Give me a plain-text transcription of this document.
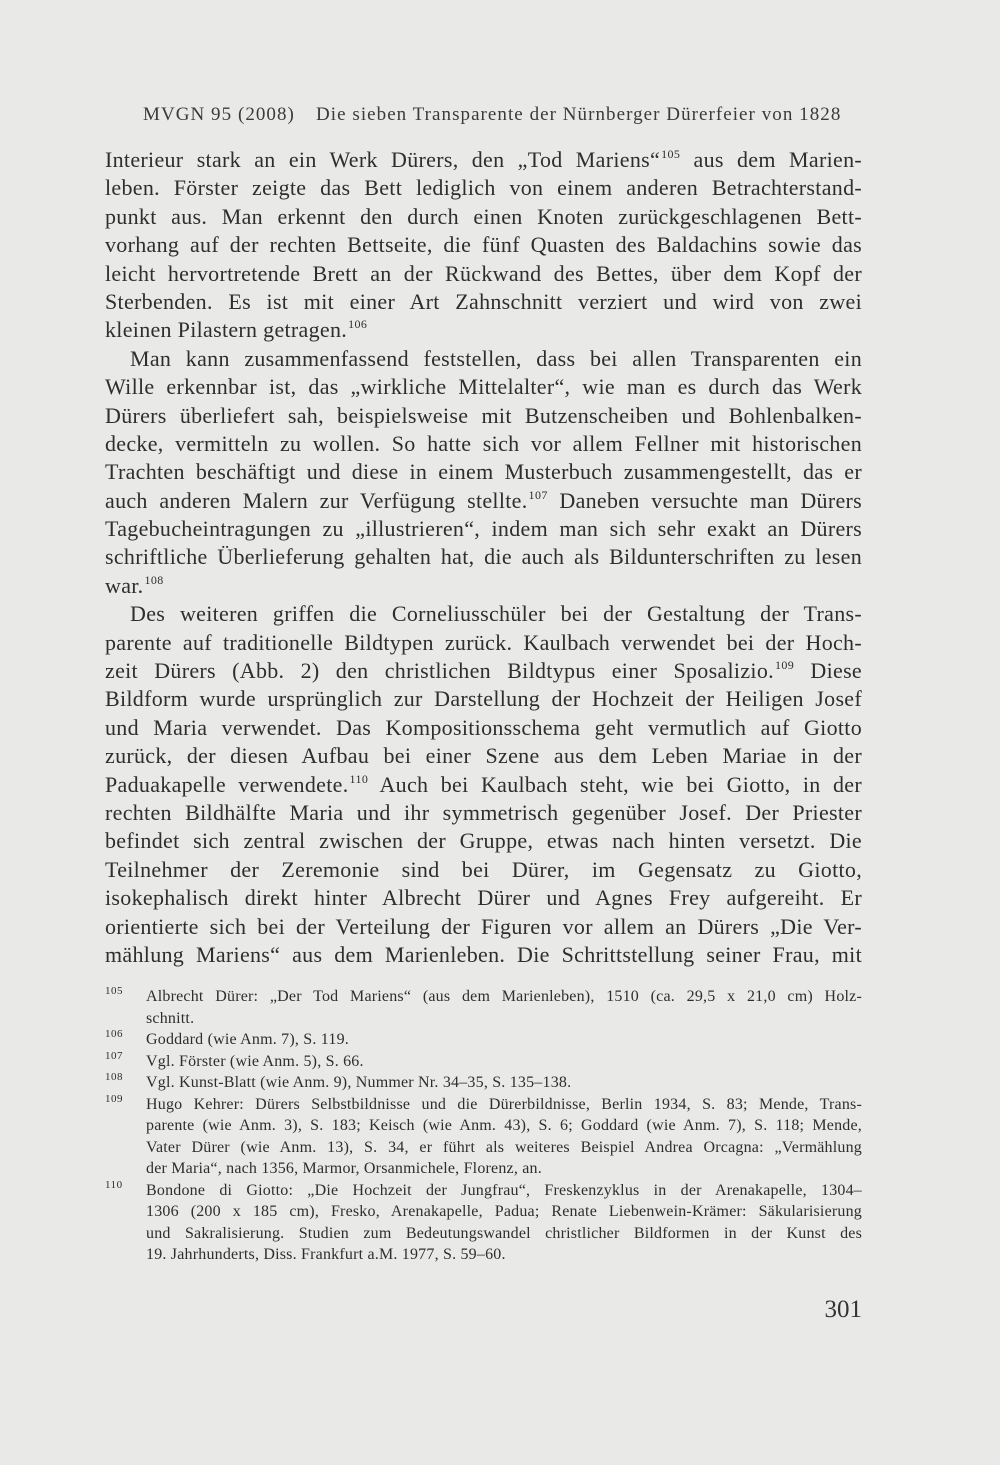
MVGN 95 (2008) Die sieben Transparente der Nürnberger Dürerfeier von 1828
Interieur stark an ein Werk Dürers, den „Tod Mariens“$^{105}$ aus dem Marien-
leben. Förster zeigte das Bett lediglich von einem anderen Betrachterstand-
punkt aus. Man erkennt den durch einen Knoten zurückgeschlagenen Bett-
vorhang auf der rechten Bettseite, die fünf Quasten des Baldachins sowie das
leicht hervortretende Brett an der Rückwand des Bettes, über dem Kopf der
Sterbenden. Es ist mit einer Art Zahnschnitt verziert und wird von zwei
kleinen Pilastern getragen.$^{106}$
Man kann zusammenfassend feststellen, dass bei allen Transparenten ein
Wille erkennbar ist, das „wirkliche Mittelalter“, wie man es durch das Werk
Dürers überliefert sah, beispielsweise mit Butzenscheiben und Bohlenbalken-
decke, vermitteln zu wollen. So hatte sich vor allem Fellner mit historischen
Trachten beschäftigt und diese in einem Musterbuch zusammengestellt, das er
auch anderen Malern zur Verfügung stellte.$^{107}$ Daneben versuchte man Dürers
Tagebucheintragungen zu „illustrieren“, indem man sich sehr exakt an Dürers
schriftliche Überlieferung gehalten hat, die auch als Bildunterschriften zu lesen
war.$^{108}$
Des weiteren griffen die Corneliusschüler bei der Gestaltung der Trans-
parente auf traditionelle Bildtypen zurück. Kaulbach verwendet bei der Hoch-
zeit Dürers (Abb. 2) den christlichen Bildtypus einer Sposalizio.$^{109}$ Diese
Bildform wurde ursprünglich zur Darstellung der Hochzeit der Heiligen Josef
und Maria verwendet. Das Kompositionsschema geht vermutlich auf Giotto
zurück, der diesen Aufbau bei einer Szene aus dem Leben Mariae in der
Paduakapelle verwendete.$^{110}$ Auch bei Kaulbach steht, wie bei Giotto, in der
rechten Bildhälfte Maria und ihr symmetrisch gegenüber Josef. Der Priester
befindet sich zentral zwischen der Gruppe, etwas nach hinten versetzt. Die
Teilnehmer der Zeremonie sind bei Dürer, im Gegensatz zu Giotto,
isokephalisch direkt hinter Albrecht Dürer und Agnes Frey aufgereiht. Er
orientierte sich bei der Verteilung der Figuren vor allem an Dürers „Die Ver-
mählung Mariens“ aus dem Marienleben. Die Schrittstellung seiner Frau, mit
105 Albrecht Dürer: „Der Tod Mariens“ (aus dem Marienleben), 1510 (ca. 29,5 x 21,0 cm) Holz-
schnitt.
106 Goddard (wie Anm. 7), S. 119.
107 Vgl. Förster (wie Anm. 5), S. 66.
108 Vgl. Kunst-Blatt (wie Anm. 9), Nummer Nr. 34–35, S. 135–138.
109 Hugo Kehrer: Dürers Selbstbildnisse und die Dürerbildnisse, Berlin 1934, S. 83; Mende, Trans-
parente (wie Anm. 3), S. 183; Keisch (wie Anm. 43), S. 6; Goddard (wie Anm. 7), S. 118; Mende,
Vater Dürer (wie Anm. 13), S. 34, er führt als weiteres Beispiel Andrea Orcagna: „Vermählung
der Maria“, nach 1356, Marmor, Orsanmichele, Florenz, an.
110 Bondone di Giotto: „Die Hochzeit der Jungfrau“, Freskenzyklus in der Arenakapelle, 1304–
1306 (200 x 185 cm), Fresko, Arenakapelle, Padua; Renate Liebenwein-Krämer: Säkularisierung
und Sakralisierung. Studien zum Bedeutungswandel christlicher Bildformen in der Kunst des
19. Jahrhunderts, Diss. Frankfurt a.M. 1977, S. 59–60.
301
